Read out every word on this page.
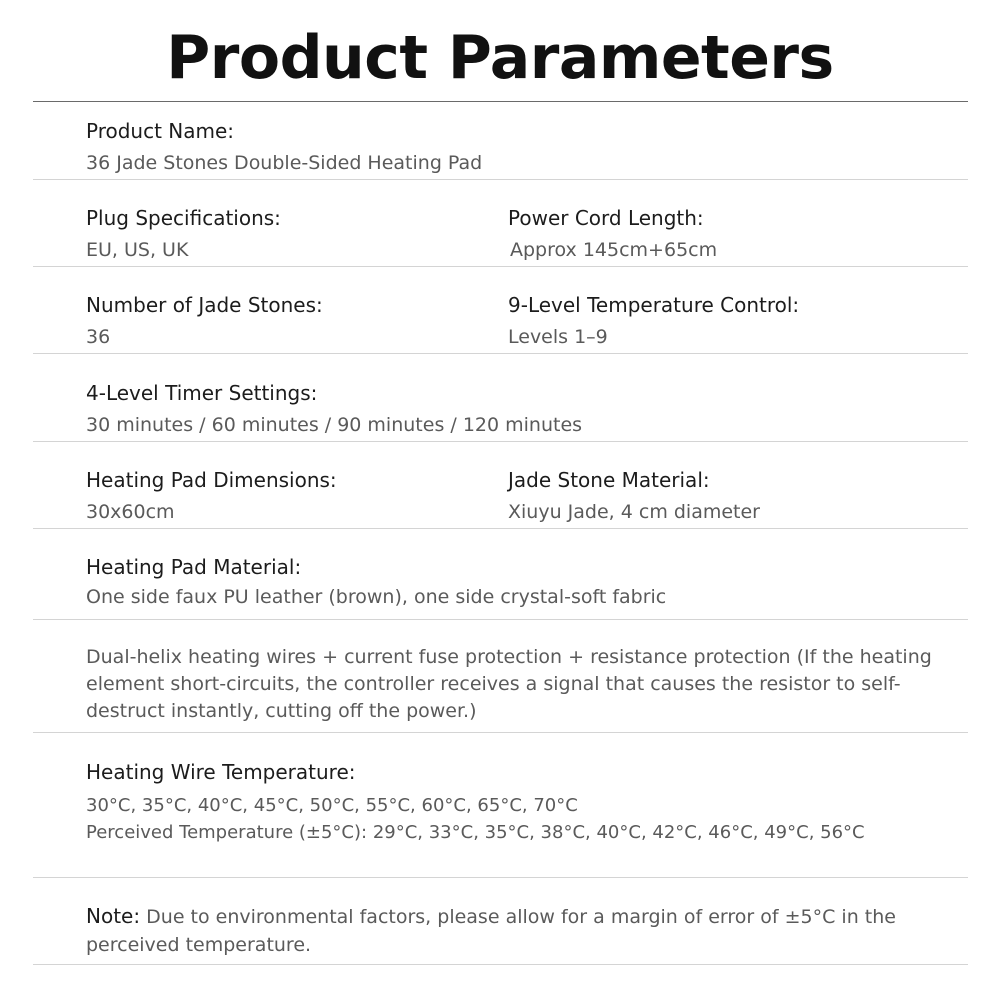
Product Parameters
Product Name:
36 Jade Stones Double-Sided Heating Pad
Plug Specifications:
EU, US, UK
Power Cord Length:
Approx 145cm+65cm
Number of Jade Stones:
36
9-Level Temperature Control:
Levels 1–9
4-Level Timer Settings:
30 minutes / 60 minutes / 90 minutes / 120 minutes
Heating Pad Dimensions:
30x60cm
Jade Stone Material:
Xiuyu Jade, 4 cm diameter
Heating Pad Material:
One side faux PU leather (brown), one side crystal-soft fabric
Dual-helix heating wires + current fuse protection + resistance protection (If the heating element short-circuits, the controller receives a signal that causes the resistor to self-destruct instantly, cutting off the power.)
Heating Wire Temperature:
30°C, 35°C, 40°C, 45°C, 50°C, 55°C, 60°C, 65°C, 70°C
Perceived Temperature (±5°C): 29°C, 33°C, 35°C, 38°C, 40°C, 42°C, 46°C, 49°C, 56°C
Note: Due to environmental factors, please allow for a margin of error of ±5°C in the perceived temperature.
